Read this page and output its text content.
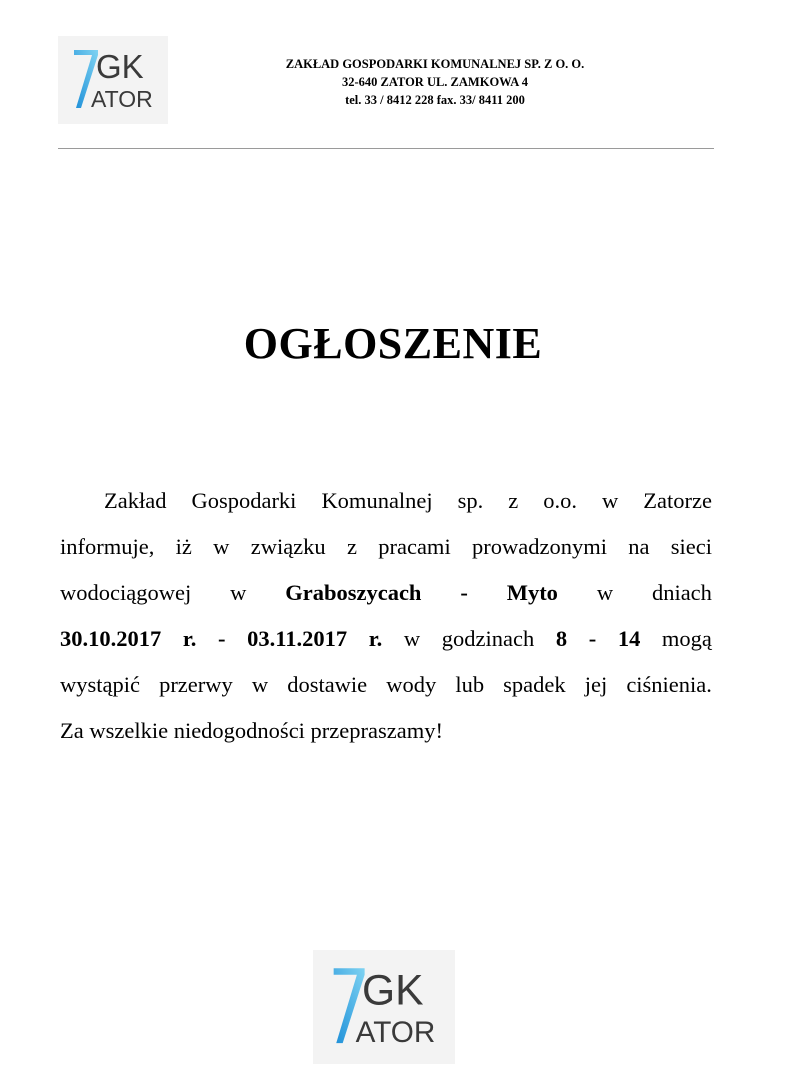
GK
ATOR
ZAKŁAD GOSPODARKI KOMUNALNEJ SP. Z O. O.
32-640 ZATOR UL. ZAMKOWA 4
tel. 33 / 8412 228 fax. 33/ 8411 200
OGŁOSZENIE
Zakład Gospodarki Komunalnej sp. z o.o. w Zatorze
informuje, iż w związku z pracami prowadzonymi na sieci
wodociągowej w Graboszycach - Myto w dniach
30.10.2017 r. - 03.11.2017 r. w godzinach 8 - 14 mogą
wystąpić przerwy w dostawie wody lub spadek jej ciśnienia.
Za wszelkie niedogodności przepraszamy!
GK
ATOR
